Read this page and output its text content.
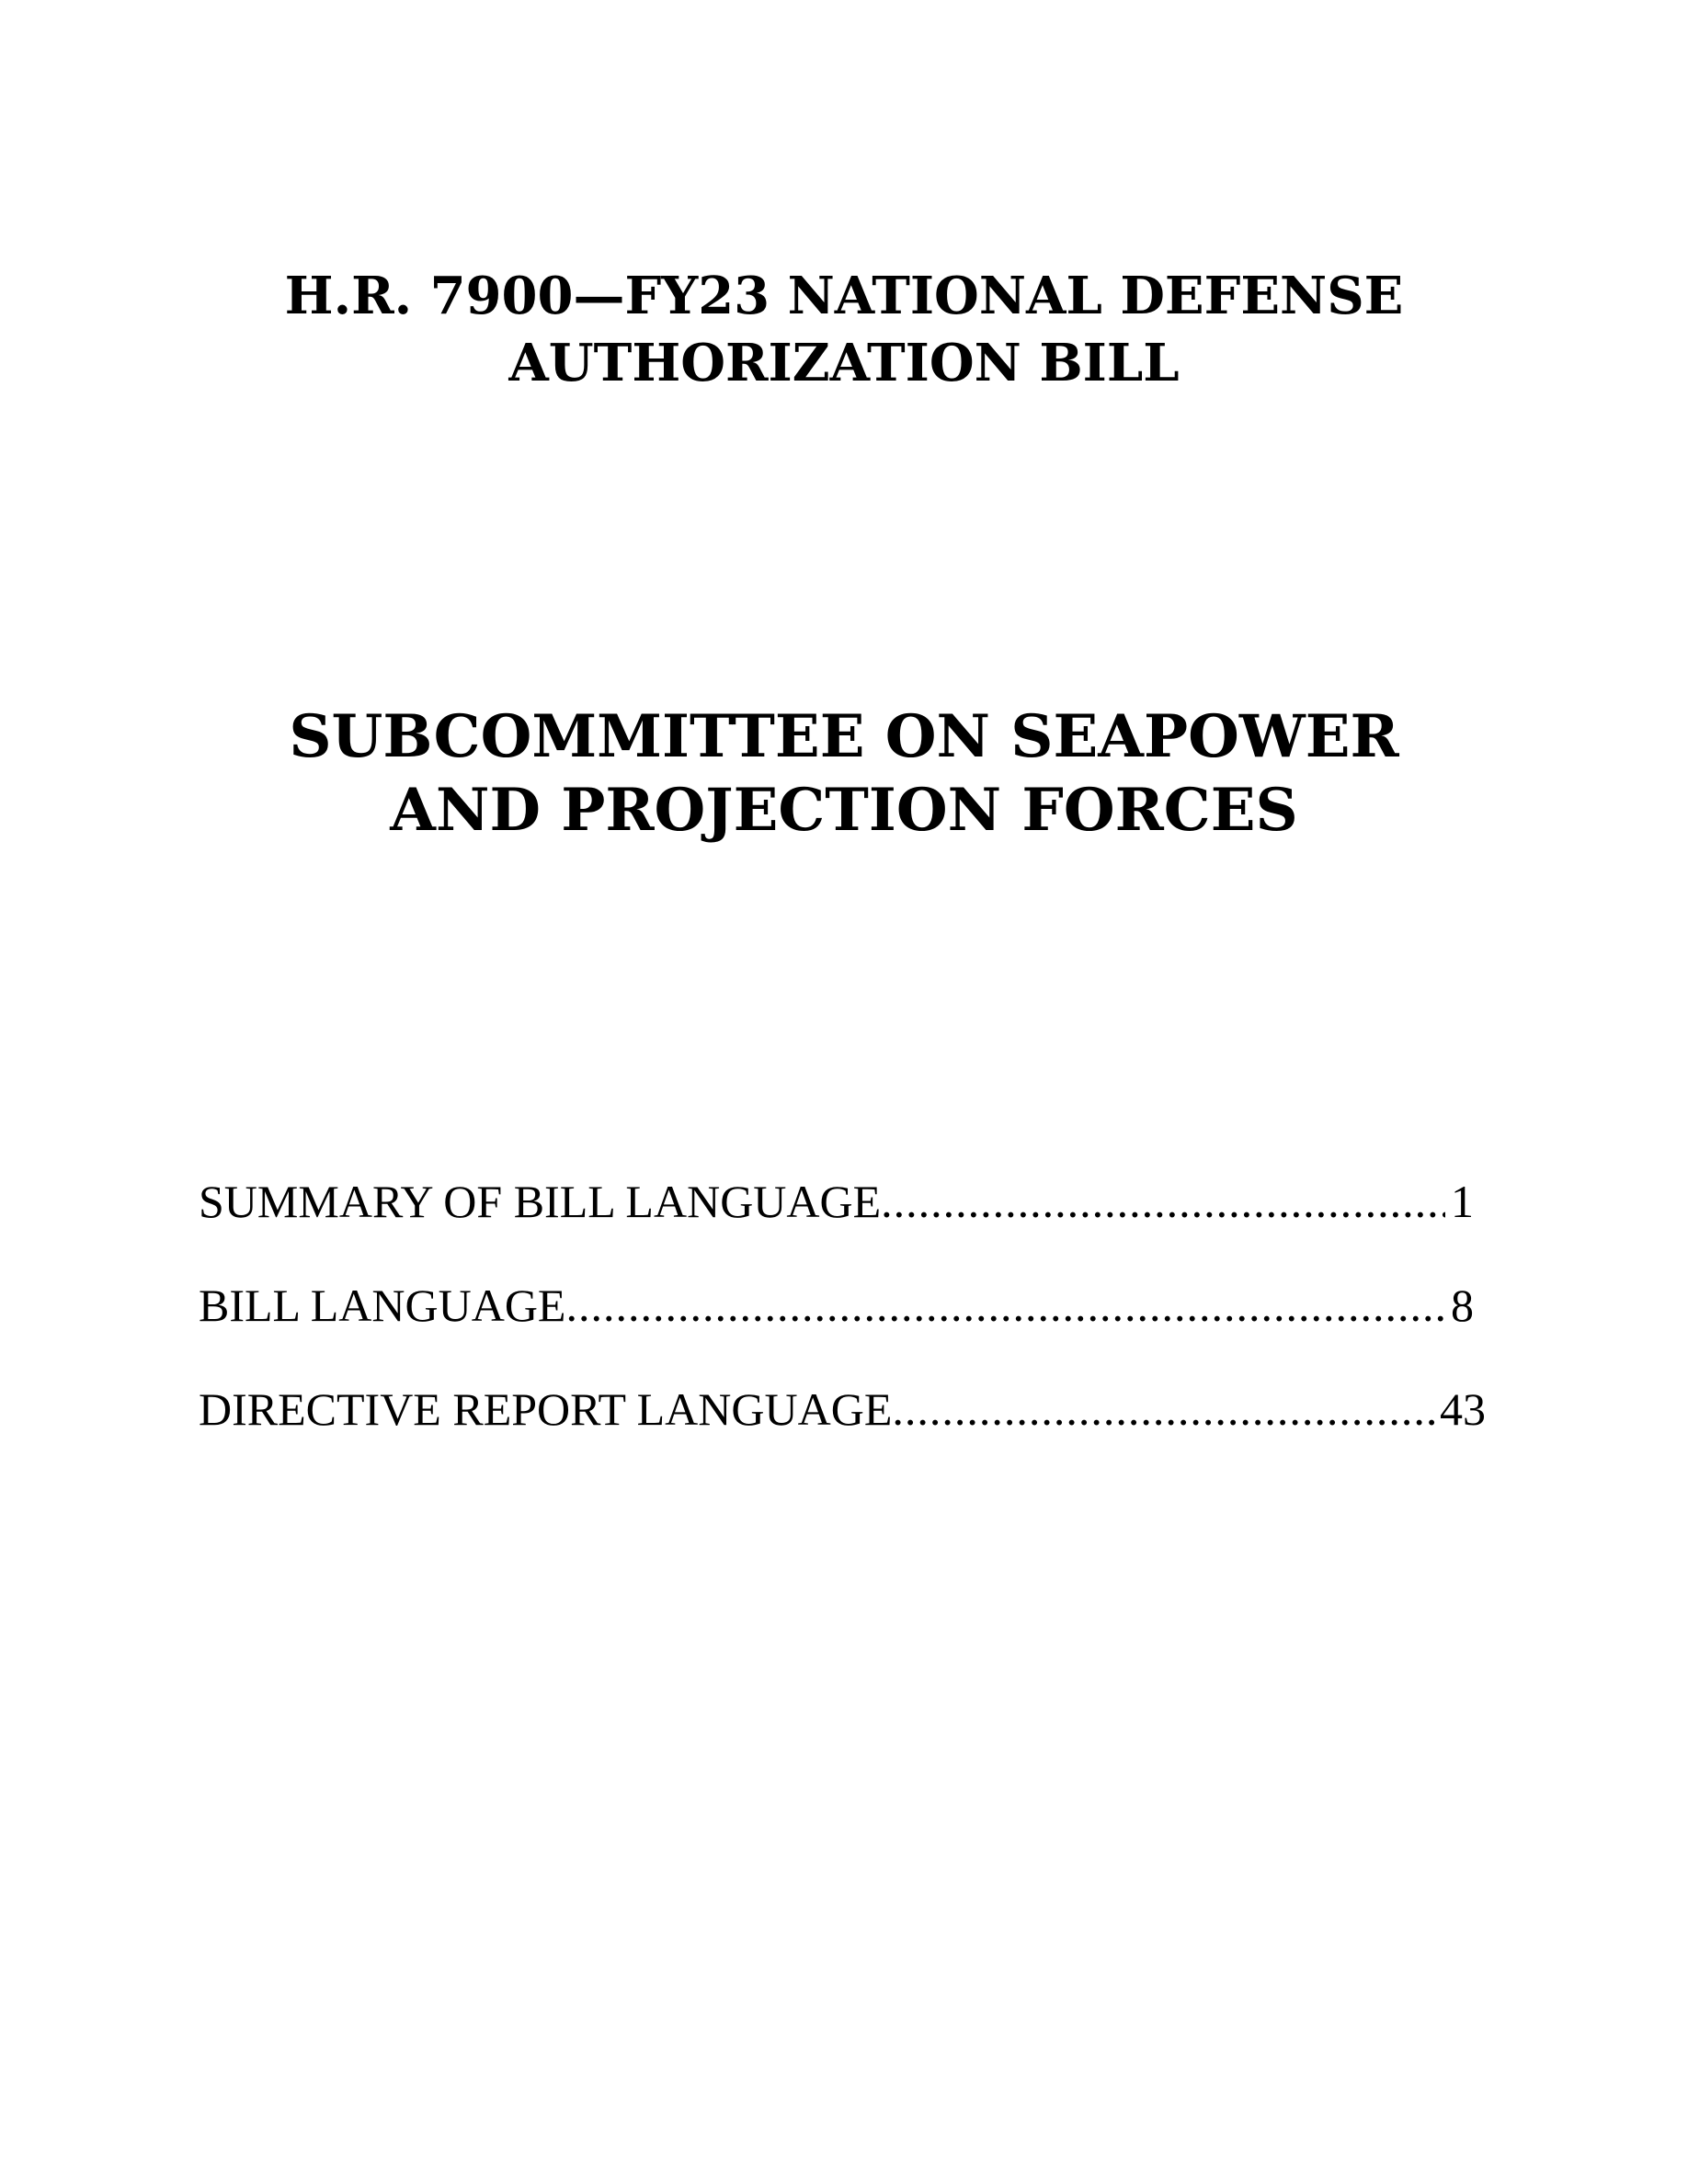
H.R. 7900—FY23 NATIONAL DEFENSE
AUTHORIZATION BILL
SUBCOMMITTEE ON SEAPOWER
AND PROJECTION FORCES
SUMMARY OF BILL LANGUAGE .....	1
BILL LANGUAGE .....	8
DIRECTIVE REPORT LANGUAGE .....	43
